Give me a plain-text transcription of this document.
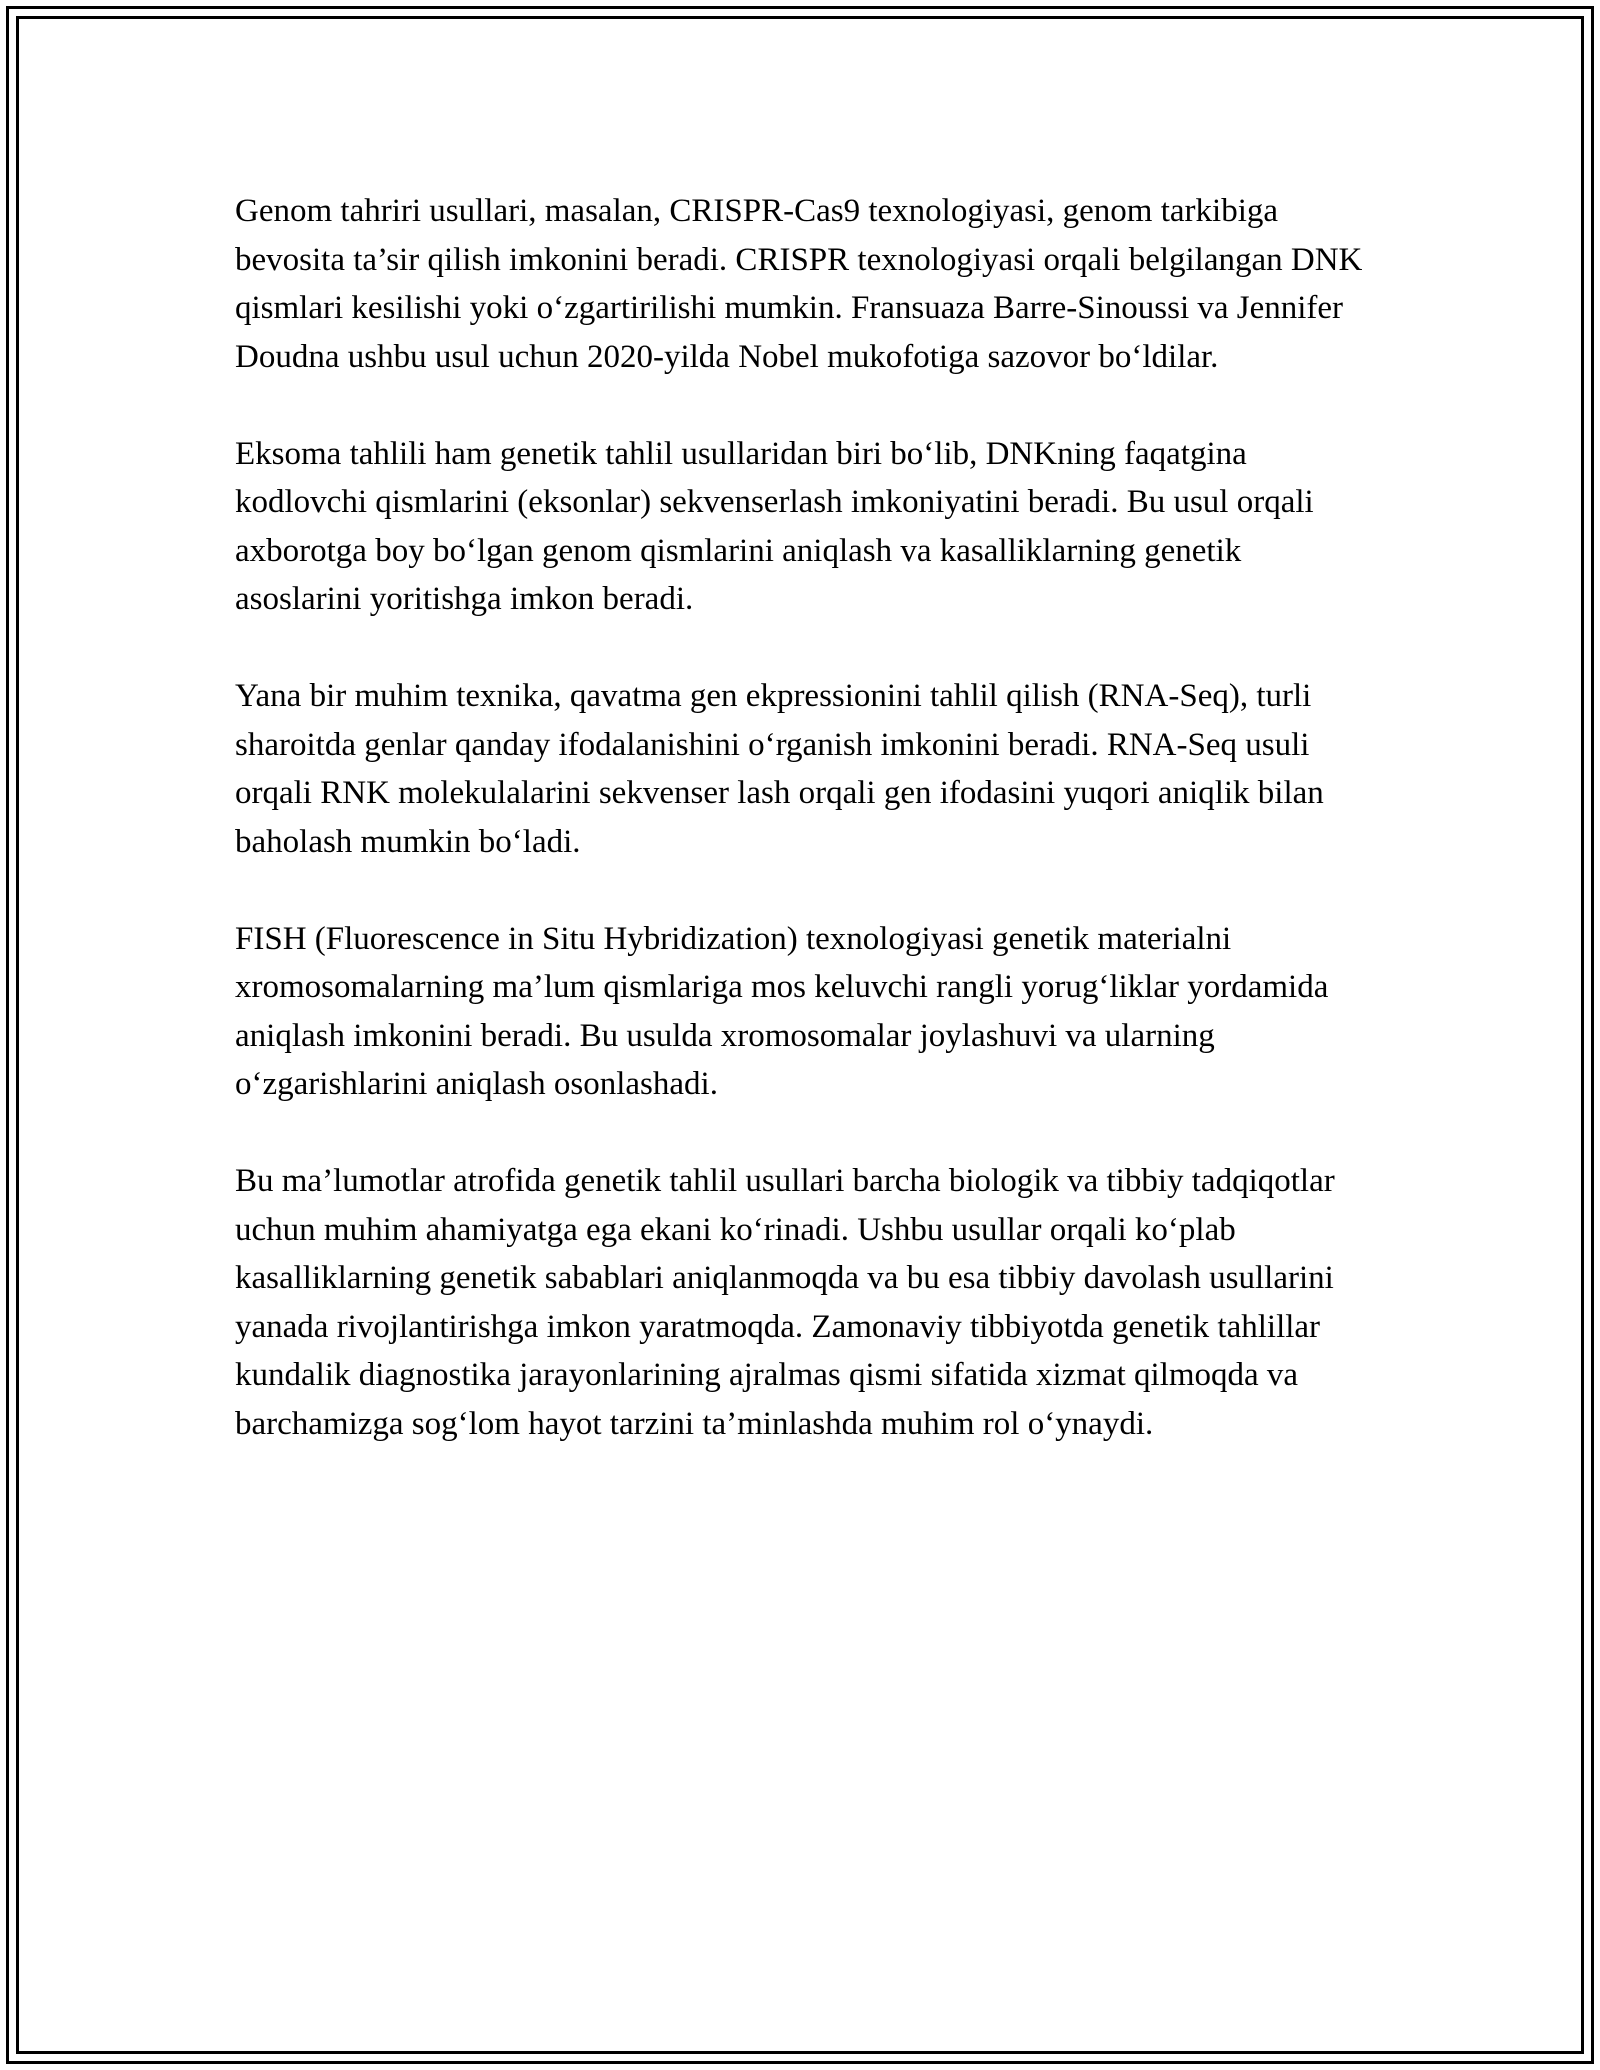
Genom tahriri usullari, masalan, CRISPR-Cas9 texnologiyasi, genom tarkibiga bevosita ta’sir qilish imkonini beradi. CRISPR texnologiyasi orqali belgilangan DNK qismlari kesilishi yoki o‘zgartirilishi mumkin. Fransuaza Barre-Sinoussi va Jennifer Doudna ushbu usul uchun 2020-yilda Nobel mukofotiga sazovor bo‘ldilar.

Eksoma tahlili ham genetik tahlil usullaridan biri bo‘lib, DNKning faqatgina kodlovchi qismlarini (eksonlar) sekvenserlash imkoniyatini beradi. Bu usul orqali axborotga boy bo‘lgan genom qismlarini aniqlash va kasalliklarning genetik asoslarini yoritishga imkon beradi.

Yana bir muhim texnika, qavatma gen ekpressionini tahlil qilish (RNA-Seq), turli sharoitda genlar qanday ifodalanishini o‘rganish imkonini beradi. RNA-Seq usuli orqali RNK molekulalarini sekvenser lash orqali gen ifodasini yuqori aniqlik bilan baholash mumkin bo‘ladi.

FISH (Fluorescence in Situ Hybridization) texnologiyasi genetik materialni xromosomalarning ma’lum qismlariga mos keluvchi rangli yorug‘liklar yordamida aniqlash imkonini beradi. Bu usulda xromosomalar joylashuvi va ularning o‘zgarishlarini aniqlash osonlashadi.

Bu ma’lumotlar atrofida genetik tahlil usullari barcha biologik va tibbiy tadqiqotlar uchun muhim ahamiyatga ega ekani ko‘rinadi. Ushbu usullar orqali ko‘plab kasalliklarning genetik sabablari aniqlanmoqda va bu esa tibbiy davolash usullarini yanada rivojlantirishga imkon yaratmoqda. Zamonaviy tibbiyotda genetik tahlillar kundalik diagnostika jarayonlarining ajralmas qismi sifatida xizmat qilmoqda va barchamizga sog‘lom hayot tarzini ta’minlashda muhim rol o‘ynaydi.
